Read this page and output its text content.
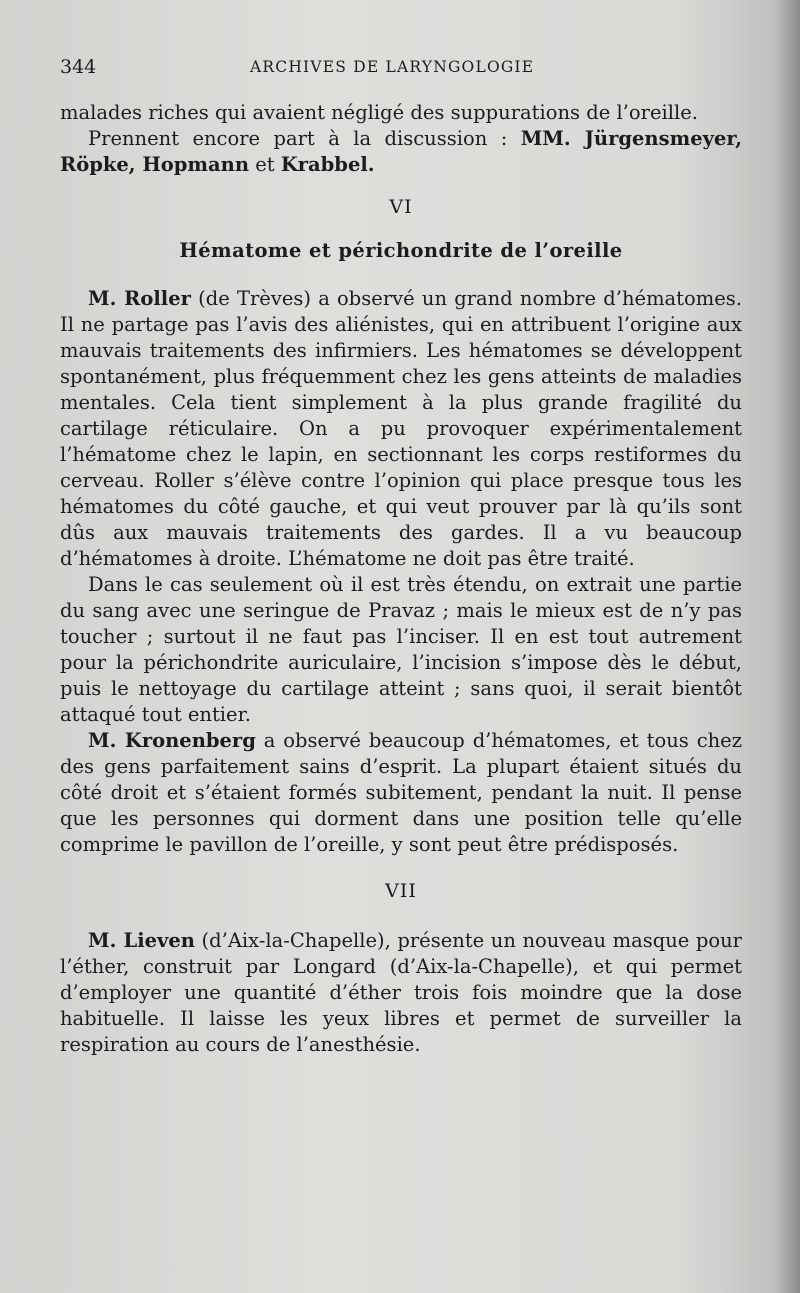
344	ARCHIVES DE LARYNGOLOGIE

malades riches qui avaient négligé des suppurations de l’oreille.

Prennent encore part à la discussion : MM. Jürgensmeyer, Röpke, Hopmann et Krabbel.

VI

Hématome et périchondrite de l’oreille

M. Roller (de Trèves) a observé un grand nombre d’hématomes. Il ne partage pas l’avis des aliénistes, qui en attribuent l’origine aux mauvais traitements des infirmiers. Les hématomes se développent spontanément, plus fréquemment chez les gens atteints de maladies mentales. Cela tient simplement à la plus grande fragilité du cartilage réticulaire. On a pu provoquer expérimentalement l’hématome chez le lapin, en sectionnant les corps restiformes du cerveau. Roller s’élève contre l’opinion qui place presque tous les hématomes du côté gauche, et qui veut prouver par là qu’ils sont dûs aux mauvais traitements des gardes. Il a vu beaucoup d’hématomes à droite. L’hématome ne doit pas être traité.

Dans le cas seulement où il est très étendu, on extrait une partie du sang avec une seringue de Pravaz ; mais le mieux est de n’y pas toucher ; surtout il ne faut pas l’inciser. Il en est tout autrement pour la périchondrite auriculaire, l’incision s’impose dès le début, puis le nettoyage du cartilage atteint ; sans quoi, il serait bientôt attaqué tout entier.

M. Kronenberg a observé beaucoup d’hématomes, et tous chez des gens parfaitement sains d’esprit. La plupart étaient situés du côté droit et s’étaient formés subitement, pendant la nuit. Il pense que les personnes qui dorment dans une position telle qu’elle comprime le pavillon de l’oreille, y sont peut être prédisposés.

VII

M. Lieven (d’Aix-la-Chapelle), présente un nouveau masque pour l’éther, construit par Longard (d’Aix-la-Chapelle), et qui permet d’employer une quantité d’éther trois fois moindre que la dose habituelle. Il laisse les yeux libres et permet de surveiller la respiration au cours de l’anesthésie.
